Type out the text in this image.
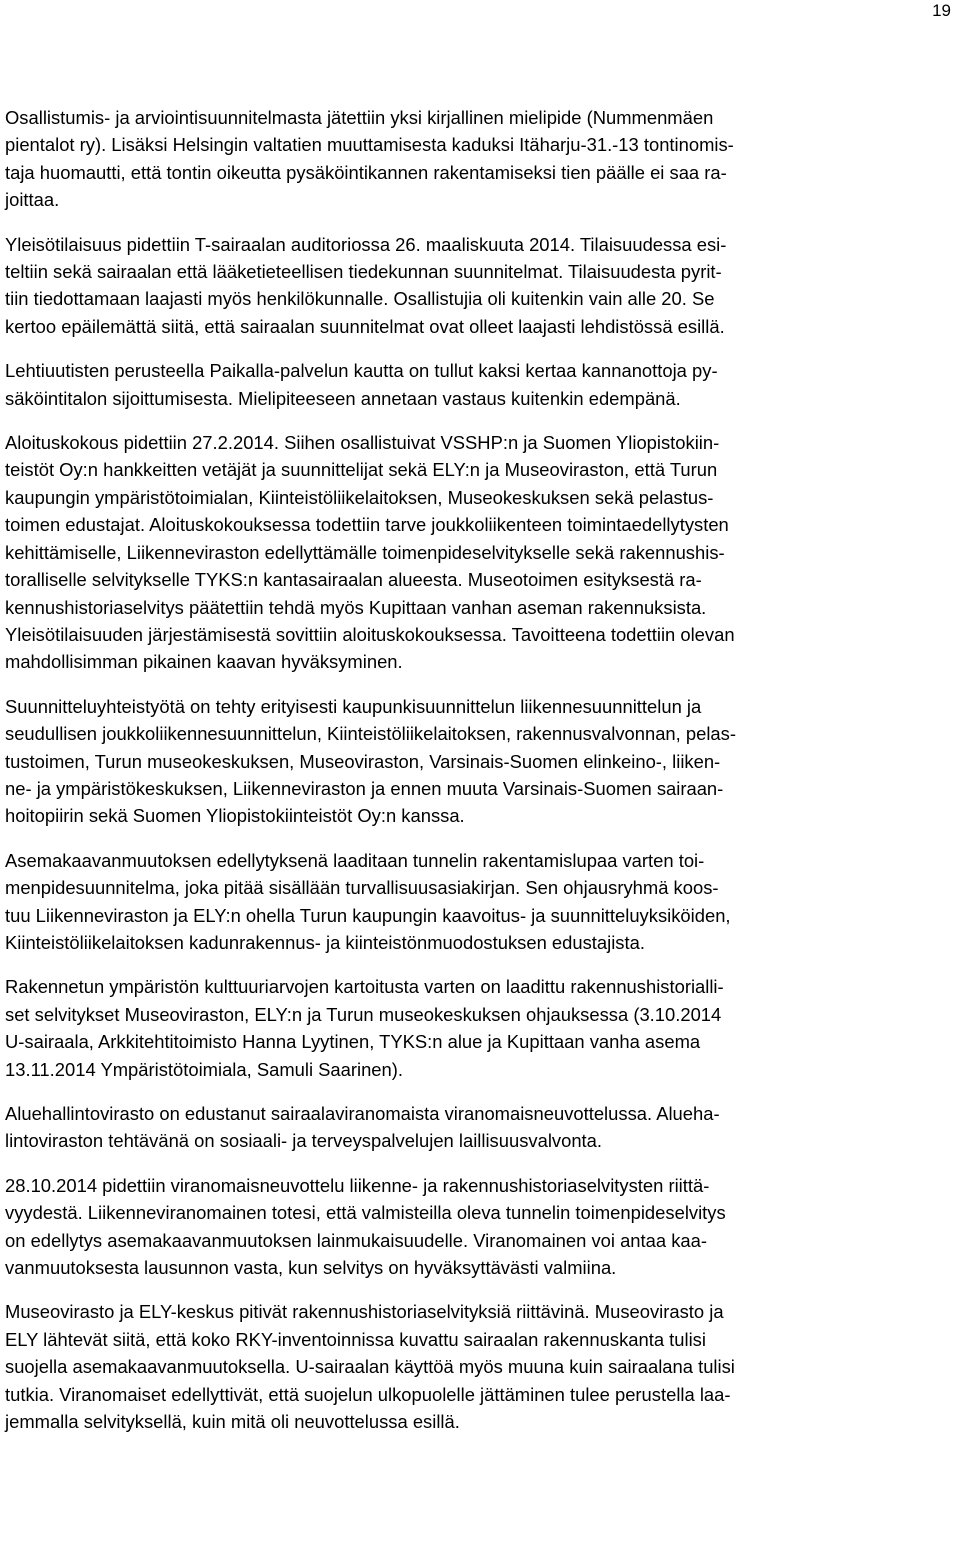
19
Osallistumis- ja arviointisuunnitelmasta jätettiin yksi kirjallinen mielipide (Nummenmäen
pientalot ry). Lisäksi Helsingin valtatien muuttamisesta kaduksi Itäharju-31.-13 tontinomis-
taja huomautti, että tontin oikeutta pysäköintikannen rakentamiseksi tien päälle ei saa ra-
joittaa.
Yleisötilaisuus pidettiin T-sairaalan auditoriossa 26. maaliskuuta 2014. Tilaisuudessa esi-
teltiin sekä sairaalan että lääketieteellisen tiedekunnan suunnitelmat. Tilaisuudesta pyrit-
tiin tiedottamaan laajasti myös henkilökunnalle. Osallistujia oli kuitenkin vain alle 20. Se
kertoo epäilemättä siitä, että sairaalan suunnitelmat ovat olleet laajasti lehdistössä esillä.
Lehtiuutisten perusteella Paikalla-palvelun kautta on tullut kaksi kertaa kannanottoja py-
säköintitalon sijoittumisesta. Mielipiteeseen annetaan vastaus kuitenkin edempänä.
Aloituskokous pidettiin 27.2.2014. Siihen osallistuivat VSSHP:n ja Suomen Yliopistokiin-
teistöt Oy:n hankkeitten vetäjät ja suunnittelijat sekä ELY:n ja Museoviraston, että Turun
kaupungin ympäristötoimialan, Kiinteistöliikelaitoksen, Museokeskuksen sekä pelastus-
toimen edustajat. Aloituskokouksessa todettiin tarve joukkoliikenteen toimintaedellytysten
kehittämiselle, Liikenneviraston edellyttämälle toimenpideselvitykselle sekä rakennushis-
toralliselle selvitykselle TYKS:n kantasairaalan alueesta. Museotoimen esityksestä ra-
kennushistoriaselvitys päätettiin tehdä myös Kupittaan vanhan aseman rakennuksista.
Yleisötilaisuuden järjestämisestä sovittiin aloituskokouksessa. Tavoitteena todettiin olevan
mahdollisimman pikainen kaavan hyväksyminen.
Suunnitteluyhteistyötä on tehty erityisesti kaupunkisuunnittelun liikennesuunnittelun ja
seudullisen joukkoliikennesuunnittelun, Kiinteistöliikelaitoksen, rakennusvalvonnan, pelas-
tustoimen, Turun museokeskuksen, Museoviraston, Varsinais-Suomen elinkeino-, liiken-
ne- ja ympäristökeskuksen, Liikenneviraston ja ennen muuta Varsinais-Suomen sairaan-
hoitopiirin sekä Suomen Yliopistokiinteistöt Oy:n kanssa.
Asemakaavanmuutoksen edellytyksenä laaditaan tunnelin rakentamislupaa varten toi-
menpidesuunnitelma, joka pitää sisällään turvallisuusasiakirjan. Sen ohjausryhmä koos-
tuu Liikenneviraston ja ELY:n ohella Turun kaupungin kaavoitus- ja suunnitteluyksiköiden,
Kiinteistöliikelaitoksen kadunrakennus- ja kiinteistönmuodostuksen edustajista.
Rakennetun ympäristön kulttuuriarvojen kartoitusta varten on laadittu rakennushistorialli-
set selvitykset Museoviraston, ELY:n ja Turun museokeskuksen ohjauksessa (3.10.2014
U-sairaala, Arkkitehtitoimisto Hanna Lyytinen, TYKS:n alue ja Kupittaan vanha asema
13.11.2014 Ympäristötoimiala, Samuli Saarinen).
Aluehallintovirasto on edustanut sairaalaviranomaista viranomaisneuvottelussa. Alueha-
lintoviraston tehtävänä on sosiaali- ja terveyspalvelujen laillisuusvalvonta.
28.10.2014 pidettiin viranomaisneuvottelu liikenne- ja rakennushistoriaselvitysten riittä-
vyydestä. Liikenneviranomainen totesi, että valmisteilla oleva tunnelin toimenpideselvitys
on edellytys asemakaavanmuutoksen lainmukaisuudelle. Viranomainen voi antaa kaa-
vanmuutoksesta lausunnon vasta, kun selvitys on hyväksyttävästi valmiina.
Museovirasto ja ELY-keskus pitivät rakennushistoriaselvityksiä riittävinä. Museovirasto ja
ELY lähtevät siitä, että koko RKY-inventoinnissa kuvattu sairaalan rakennuskanta tulisi
suojella asemakaavanmuutoksella. U-sairaalan käyttöä myös muuna kuin sairaalana tulisi
tutkia. Viranomaiset edellyttivät, että suojelun ulkopuolelle jättäminen tulee perustella laa-
jemmalla selvityksellä, kuin mitä oli neuvottelussa esillä.
